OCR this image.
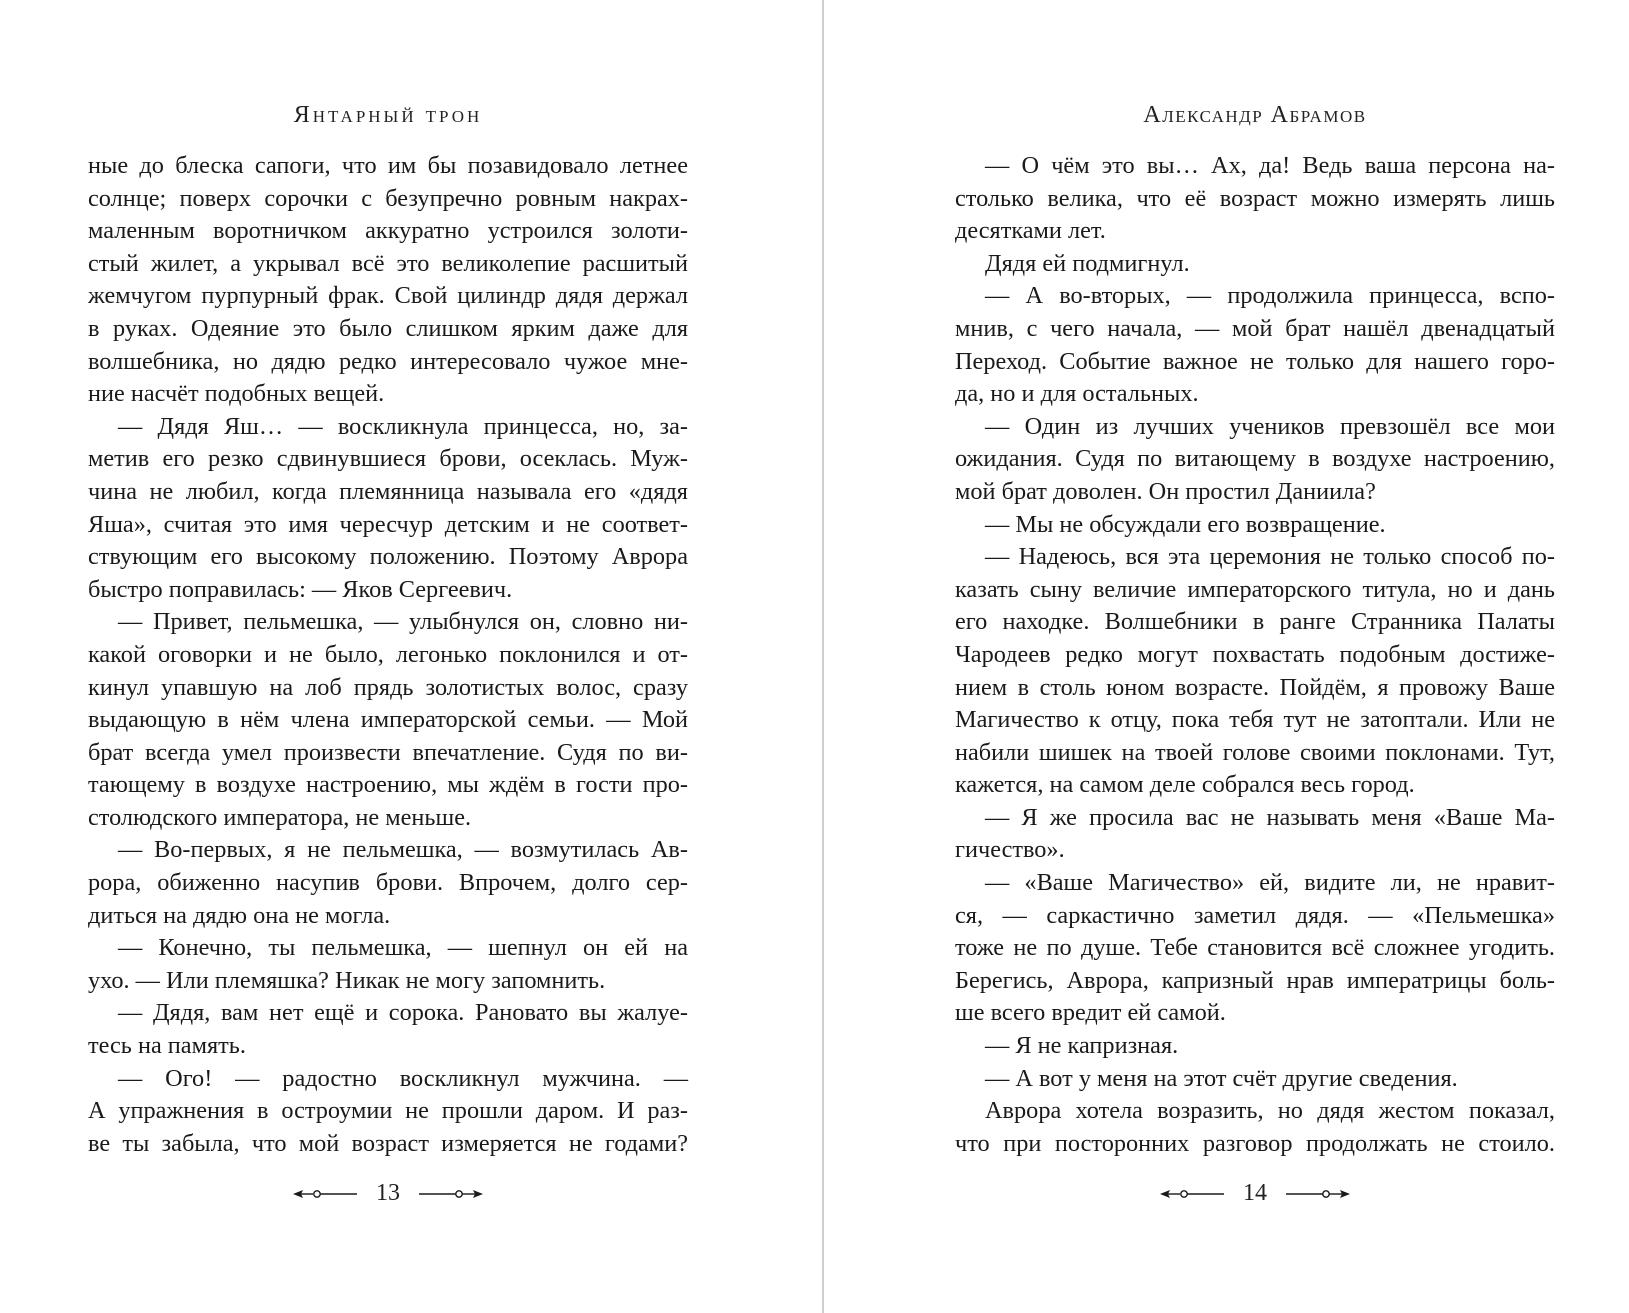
Янтарный трон
ные до блеска сапоги, что им бы позавидовало летнее
солнце; поверх сорочки с безупречно ровным накрах-
маленным воротничком аккуратно устроился золоти-
стый жилет, а укрывал всё это великолепие расшитый
жемчугом пурпурный фрак. Свой цилиндр дядя держал
в руках. Одеяние это было слишком ярким даже для
волшебника, но дядю редко интересовало чужое мне-
ние насчёт подобных вещей.
— Дядя Яш… — воскликнула принцесса, но, за-
метив его резко сдвинувшиеся брови, осеклась. Муж-
чина не любил, когда племянница называла его «дядя
Яша», считая это имя чересчур детским и не соответ-
ствующим его высокому положению. Поэтому Аврора
быстро поправилась: — Яков Сергеевич.
— Привет, пельмешка, — улыбнулся он, словно ни-
какой оговорки и не было, легонько поклонился и от-
кинул упавшую на лоб прядь золотистых волос, сразу
выдающую в нём члена императорской семьи. — Мой
брат всегда умел произвести впечатление. Судя по ви-
тающему в воздухе настроению, мы ждём в гости про-
столюдского императора, не меньше.
— Во-первых, я не пельмешка, — возмутилась Ав-
рора, обиженно насупив брови. Впрочем, долго сер-
диться на дядю она не могла.
— Конечно, ты пельмешка, — шепнул он ей на
ухо. — Или племяшка? Никак не могу запомнить.
— Дядя, вам нет ещё и сорока. Рановато вы жалуе-
тесь на память.
— Ого! — радостно воскликнул мужчина. —
А упражнения в остроумии не прошли даром. И раз-
ве ты забыла, что мой возраст измеряется не годами?
13
Александр Абрамов
— О чём это вы… Ах, да! Ведь ваша персона на-
столько велика, что её возраст можно измерять лишь
десятками лет.
Дядя ей подмигнул.
— А во-вторых, — продолжила принцесса, вспо-
мнив, с чего начала, — мой брат нашёл двенадцатый
Переход. Событие важное не только для нашего горо-
да, но и для остальных.
— Один из лучших учеников превзошёл все мои
ожидания. Судя по витающему в воздухе настроению,
мой брат доволен. Он простил Даниила?
— Мы не обсуждали его возвращение.
— Надеюсь, вся эта церемония не только способ по-
казать сыну величие императорского титула, но и дань
его находке. Волшебники в ранге Странника Палаты
Чародеев редко могут похвастать подобным достиже-
нием в столь юном возрасте. Пойдём, я провожу Ваше
Магичество к отцу, пока тебя тут не затоптали. Или не
набили шишек на твоей голове своими поклонами. Тут,
кажется, на самом деле собрался весь город.
— Я же просила вас не называть меня «Ваше Ма-
гичество».
— «Ваше Магичество» ей, видите ли, не нравит-
ся, — саркастично заметил дядя. — «Пельмешка»
тоже не по душе. Тебе становится всё сложнее угодить.
Берегись, Аврора, капризный нрав императрицы боль-
ше всего вредит ей самой.
— Я не капризная.
— А вот у меня на этот счёт другие сведения.
Аврора хотела возразить, но дядя жестом показал,
что при посторонних разговор продолжать не стоило.
14
